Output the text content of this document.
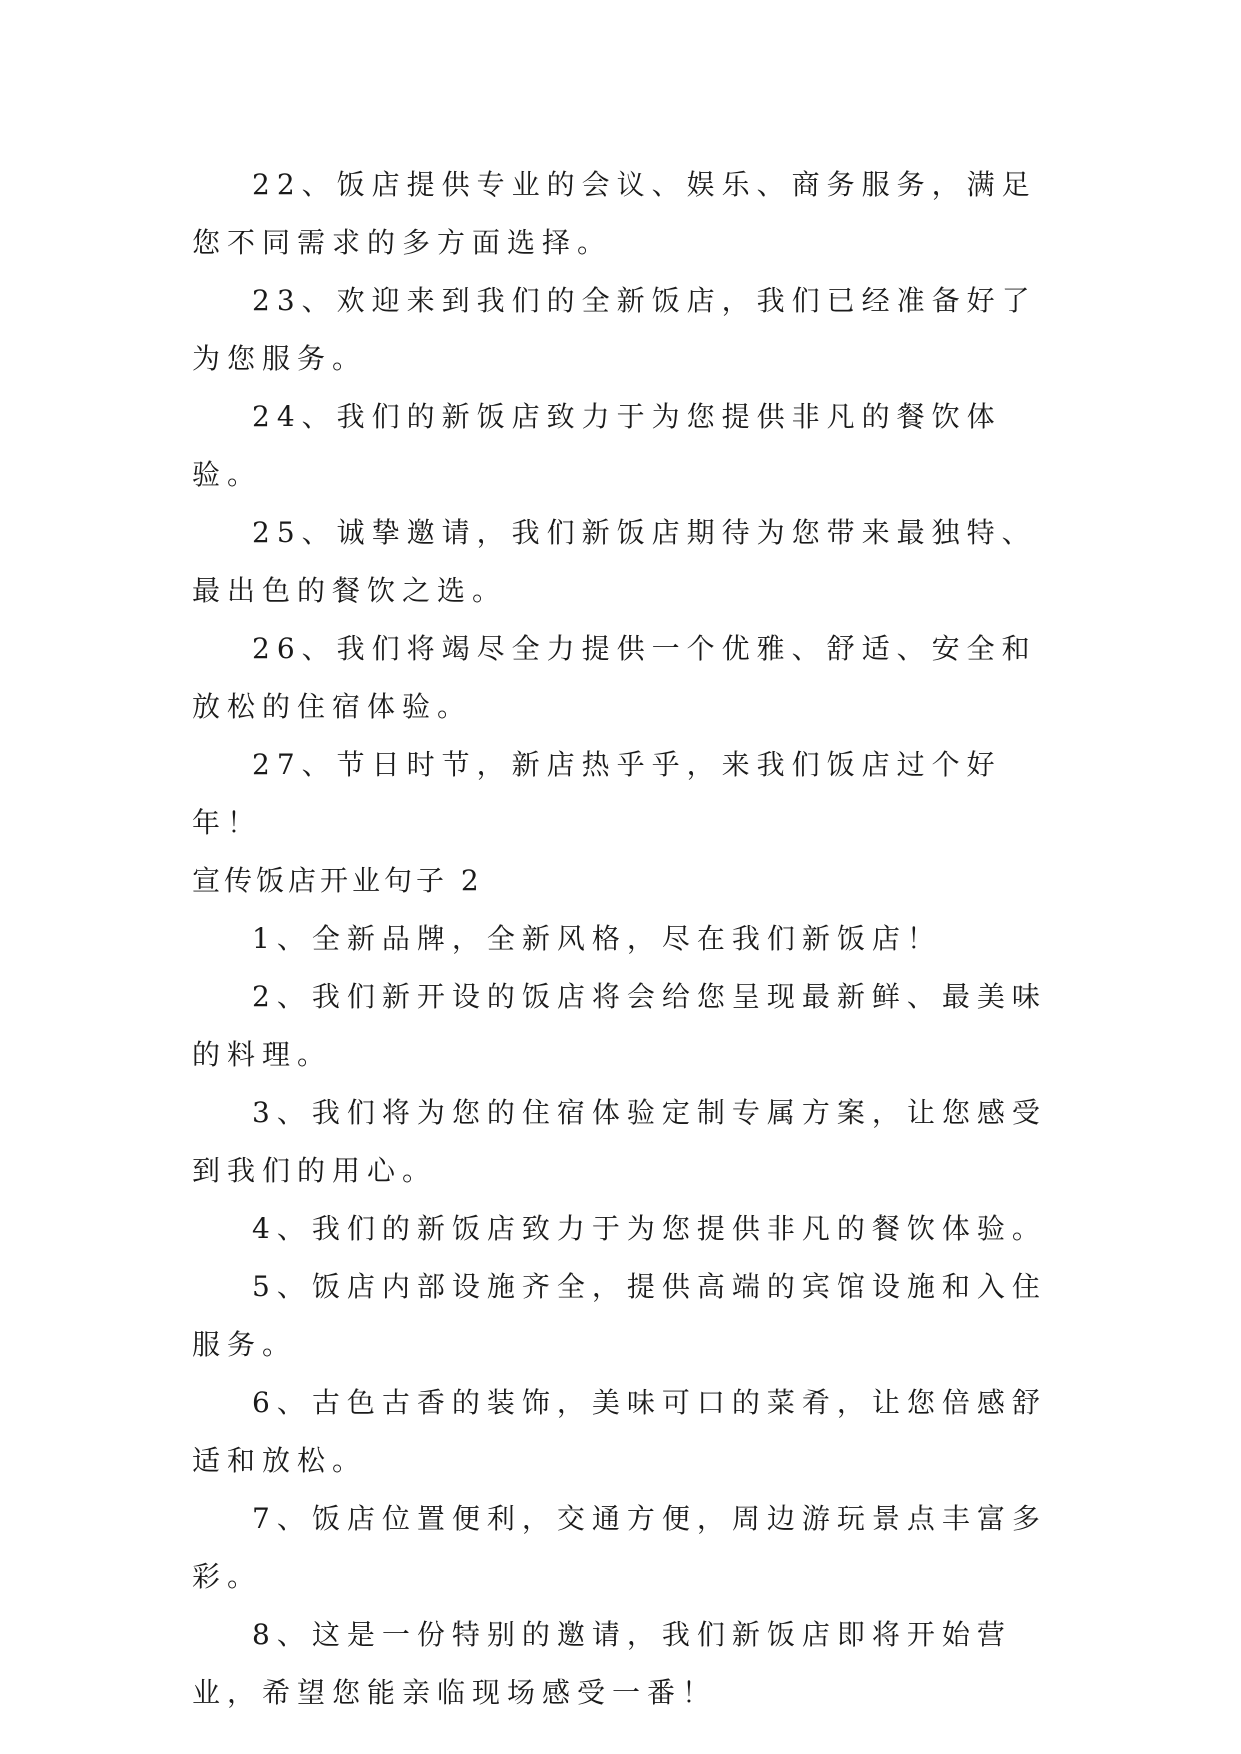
22、饭店提供专业的会议、娱乐、商务服务，满足您不同需求的多方面选择。

23、欢迎来到我们的全新饭店，我们已经准备好了为您服务。

24、我们的新饭店致力于为您提供非凡的餐饮体验。

25、诚挚邀请，我们新饭店期待为您带来最独特、最出色的餐饮之选。

26、我们将竭尽全力提供一个优雅、舒适、安全和放松的住宿体验。

27、节日时节，新店热乎乎，来我们饭店过个好年！

宣传饭店开业句子 2

1、全新品牌，全新风格，尽在我们新饭店！

2、我们新开设的饭店将会给您呈现最新鲜、最美味的料理。

3、我们将为您的住宿体验定制专属方案，让您感受到我们的用心。

4、我们的新饭店致力于为您提供非凡的餐饮体验。

5、饭店内部设施齐全，提供高端的宾馆设施和入住服务。

6、古色古香的装饰，美味可口的菜肴，让您倍感舒适和放松。

7、饭店位置便利，交通方便，周边游玩景点丰富多彩。

8、这是一份特别的邀请，我们新饭店即将开始营业，希望您能亲临现场感受一番！
